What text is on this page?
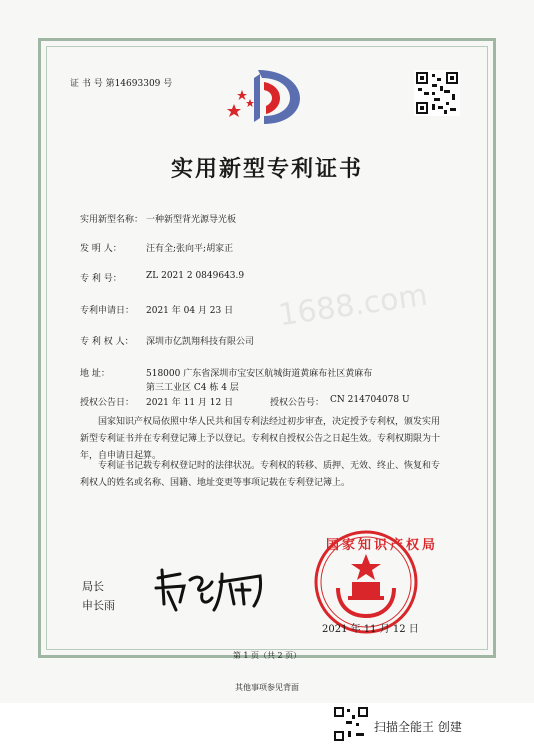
1688.com
证 书 号 第14693309 号
实用新型专利证书
实用新型名称： 一种新型背光源导光板
发 明 人：	汪有全;张向平;胡家正
专 利 号：	ZL 2021 2 0849643.9
专利申请日： 2021 年 04 月 23 日
专 利 权 人： 深圳市亿凯翔科技有限公司
地 址：	518000 广东省深圳市宝安区航城街道黄麻布社区黄麻布
第三工业区 C4 栋 4 层
授权公告日： 2021 年 11 月 12 日	授权公告号： CN 214704078 U
国家知识产权局依照中华人民共和国专利法经过初步审查，决定授予专利权，颁发实用
新型专利证书并在专利登记簿上予以登记。专利权自授权公告之日起生效。专利权期限为十
年，自申请日起算。
专利证书记载专利权登记时的法律状况。专利权的转移、质押、无效、终止、恢复和专
利权人的姓名或名称、国籍、地址变更等事项记载在专利登记簿上。
局长
申长雨
国家知识产权局
2021 年 11 月 12 日
第 1 页（共 2 页）
其他事项参见背面
扫描全能王 创建
